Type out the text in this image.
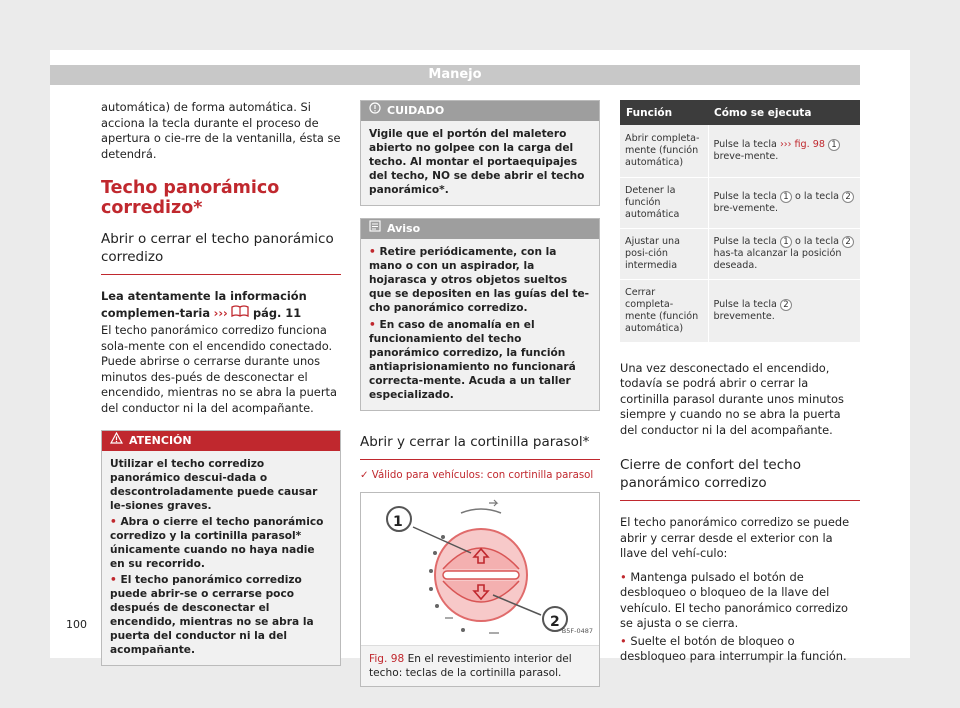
Manejo

automática) de forma automática. Si acciona la tecla durante el proceso de apertura o cie-rre de la ventanilla, ésta se detendrá.

Techo panorámico corredizo*
Abrir o cerrar el techo panorámico corredizo

Lea atentamente la información complemen-taria ››› pág. 11

El techo panorámico corredizo funciona sola-mente con el encendido conectado. Puede abrirse o cerrarse durante unos minutos des-pués de desconectar el encendido, mientras no se abra la puerta del conductor ni la del acompañante.

ATENCIÓN
Utilizar el techo corredizo panorámico descui-dada o descontroladamente puede causar le-siones graves.
• Abra o cierre el techo panorámico corredizo y la cortinilla parasol* únicamente cuando no haya nadie en su recorrido.
• El techo panorámico corredizo puede abrir-se o cerrarse poco después de desconectar el encendido, mientras no se abra la puerta del conductor ni la del acompañante.
CUIDADO
Vigile que el portón del maletero abierto no golpee con la carga del techo. Al montar el portaequipajes del techo, NO se debe abrir el techo panorámico*.
Aviso
• Retire periódicamente, con la mano o con un aspirador, la hojarasca y otros objetos sueltos que se depositen en las guías del te-cho panorámico corredizo.
• En caso de anomalía en el funcionamiento del techo panorámico corredizo, la función antiaprisionamiento no funcionará correcta-mente. Acuda a un taller especializado.
Abrir y cerrar la cortinilla parasol*

✓ Válido para vehículos: con cortinilla parasol

1
2
B5F-0487
Fig. 98 En el revestimiento interior del techo: teclas de la cortinilla parasol.
Función	Cómo se ejecuta
Abrir completa-mente (función automática)	Pulse la tecla ››› fig. 98 1 breve-mente.
Detener la función automática	Pulse la tecla 1 o la tecla 2 bre-vemente.
Ajustar una posi-ción intermedia	Pulse la tecla 1 o la tecla 2 has-ta alcanzar la posición deseada.
Cerrar completa-mente (función automática)	Pulse la tecla 2 brevemente.

Una vez desconectado el encendido, todavía se podrá abrir o cerrar la cortinilla parasol durante unos minutos siempre y cuando no se abra la puerta del conductor ni la del acompañante.

Cierre de confort del techo panorámico corredizo

El techo panorámico corredizo se puede abrir y cerrar desde el exterior con la llave del vehí-culo:

• Mantenga pulsado el botón de desbloqueo o bloqueo de la llave del vehículo. El techo panorámico corredizo se ajusta o se cierra.

• Suelte el botón de bloqueo o desbloqueo para interrumpir la función.

100
